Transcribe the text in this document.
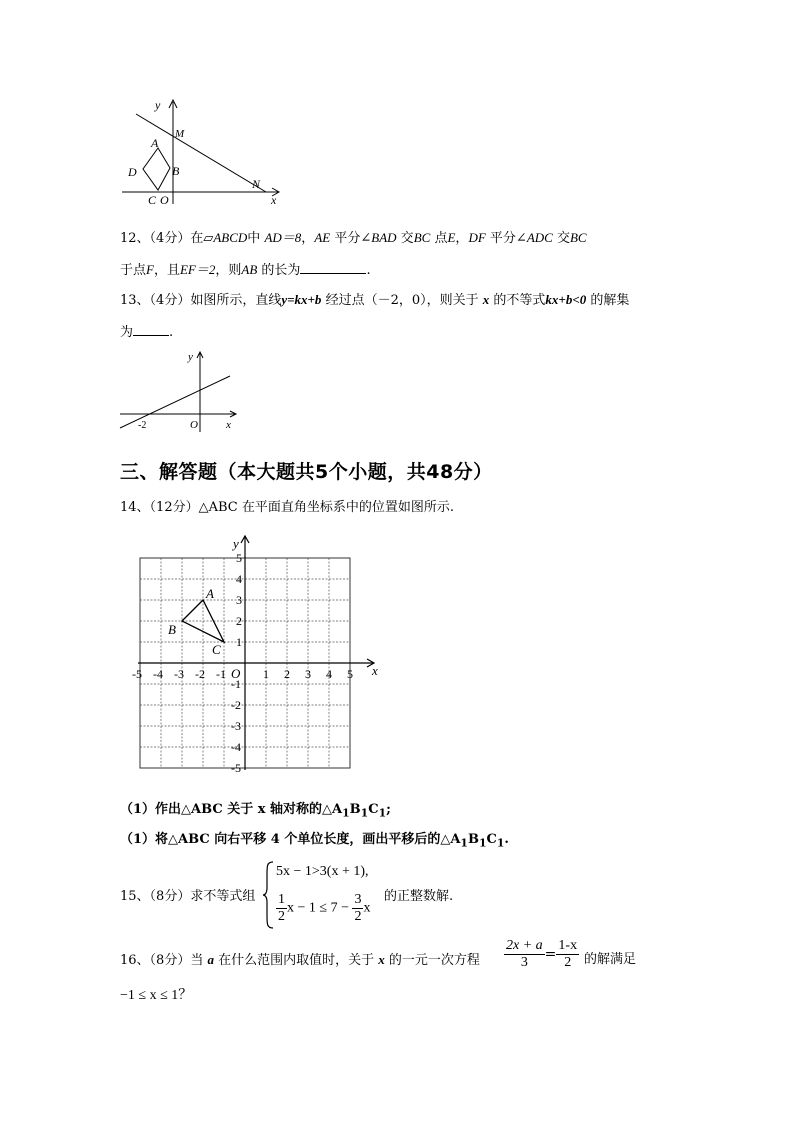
y
M
A
B
D
C O
N
x
12、（4分）在▱ABCD中 AD＝8，AE 平分∠BAD 交BC 点E，DF 平分∠ADC 交BC
于点F，且EF＝2，则AB 的长为	.
13、（4分）如图所示，直线y=kx+b 经过点（－2，0），则关于 x 的不等式kx+b<0 的解集
为	.
y
-2	O	x
三、解答题（本大题共5个小题，共48分）
14、（12分）△ABC 在平面直角坐标系中的位置如图所示.
x
y
O
-5 -4 -3 -2 -1	1 2 3 4 5
5
4
3
2
1
-1
-2
-3
-4
-5
A
B
C
（1）作出△ABC 关于 x 轴对称的$\triangle A_1B_1C_1$;
（1）将△ABC 向右平移 4 个单位长度，画出平移后的$\triangle A_1B_1C_1$.
15、（8分）求不等式组
5x − 1>3(x + 1),
$\frac{1}{2}$ $x - 1 \le 7 - \frac{3}{2}$ x
的正整数解.
16、（8分）当 a 在什么范围内取值时，关于 x 的一元一次方程 $\frac{2x + a}{3} = \frac{1-x}{2}$ 的解满足
−1 ≤ x ≤ 1？
